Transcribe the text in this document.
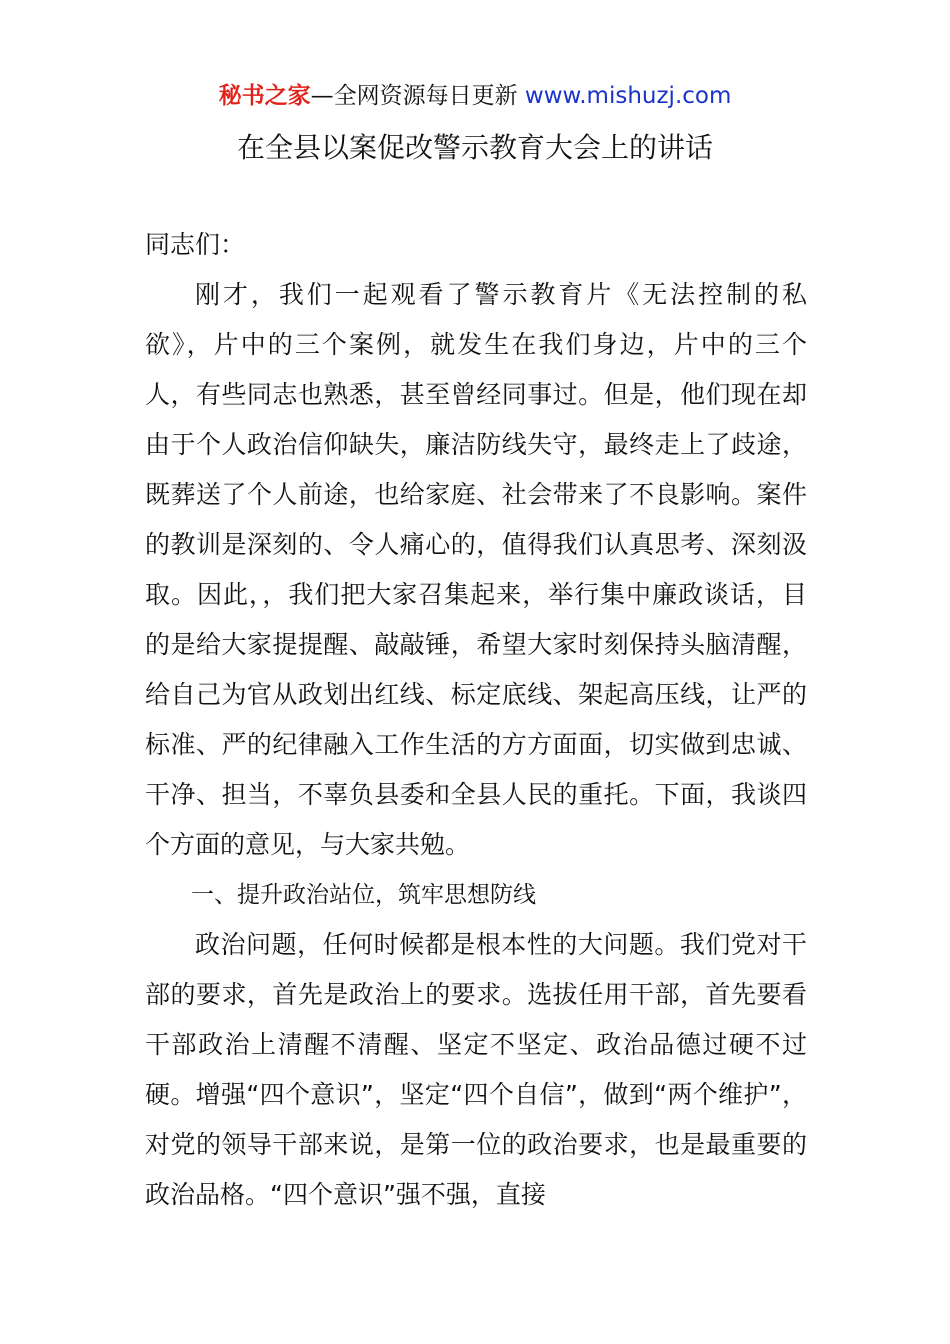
秘书之家—全网资源每日更新 www.mishuzj.com
在全县以案促改警示教育大会上的讲话

同志们：

刚才，我们一起观看了警示教育片《无法控制的私欲》，片中的三个案例，就发生在我们身边，片中的三个人，有些同志也熟悉，甚至曾经同事过。但是，他们现在却由于个人政治信仰缺失，廉洁防线失守，最终走上了歧途，既葬送了个人前途，也给家庭、社会带来了不良影响。案件的教训是深刻的、令人痛心的，值得我们认真思考、深刻汲取。因此，，我们把大家召集起来，举行集中廉政谈话，目的是给大家提提醒、敲敲锤，希望大家时刻保持头脑清醒，给自己为官从政划出红线、标定底线、架起高压线，让严的标准、严的纪律融入工作生活的方方面面，切实做到忠诚、干净、担当，不辜负县委和全县人民的重托。下面，我谈四个方面的意见，与大家共勉。

一、提升政治站位，筑牢思想防线

政治问题，任何时候都是根本性的大问题。我们党对干部的要求，首先是政治上的要求。选拔任用干部，首先要看干部政治上清醒不清醒、坚定不坚定、政治品德过硬不过硬。增强“四个意识”，坚定“四个自信”，做到“两个维护”，对党的领导干部来说，是第一位的政治要求，也是最重要的政治品格。“四个意识”强不强，直接
